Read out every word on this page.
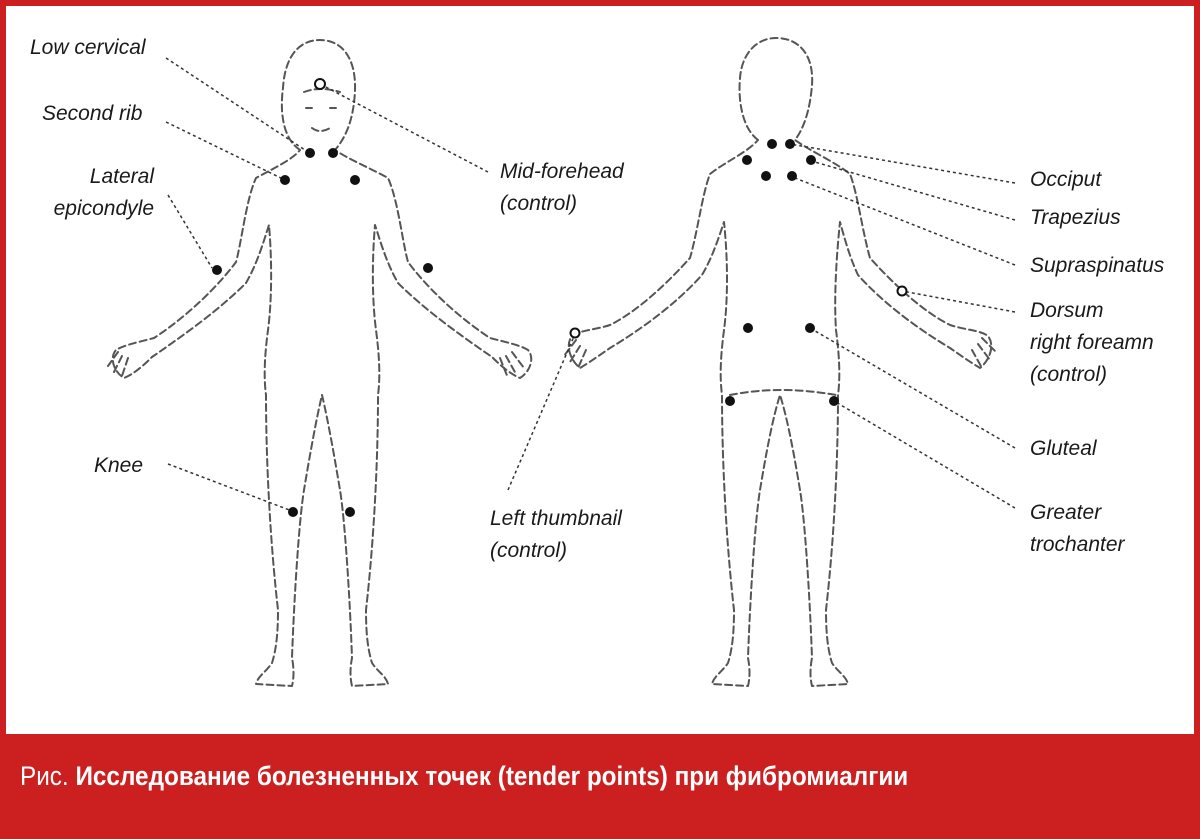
Low cervical
Second rib
Lateral
epicondyle
Knee
Mid-forehead
(control)
Left thumbnail
(control)
Occiput
Trapezius
Supraspinatus
Dorsum
right foreamn
(control)
Gluteal
Greater
trochanter
Рис. Исследование болезненных точек (tender points) при фибромиалгии
